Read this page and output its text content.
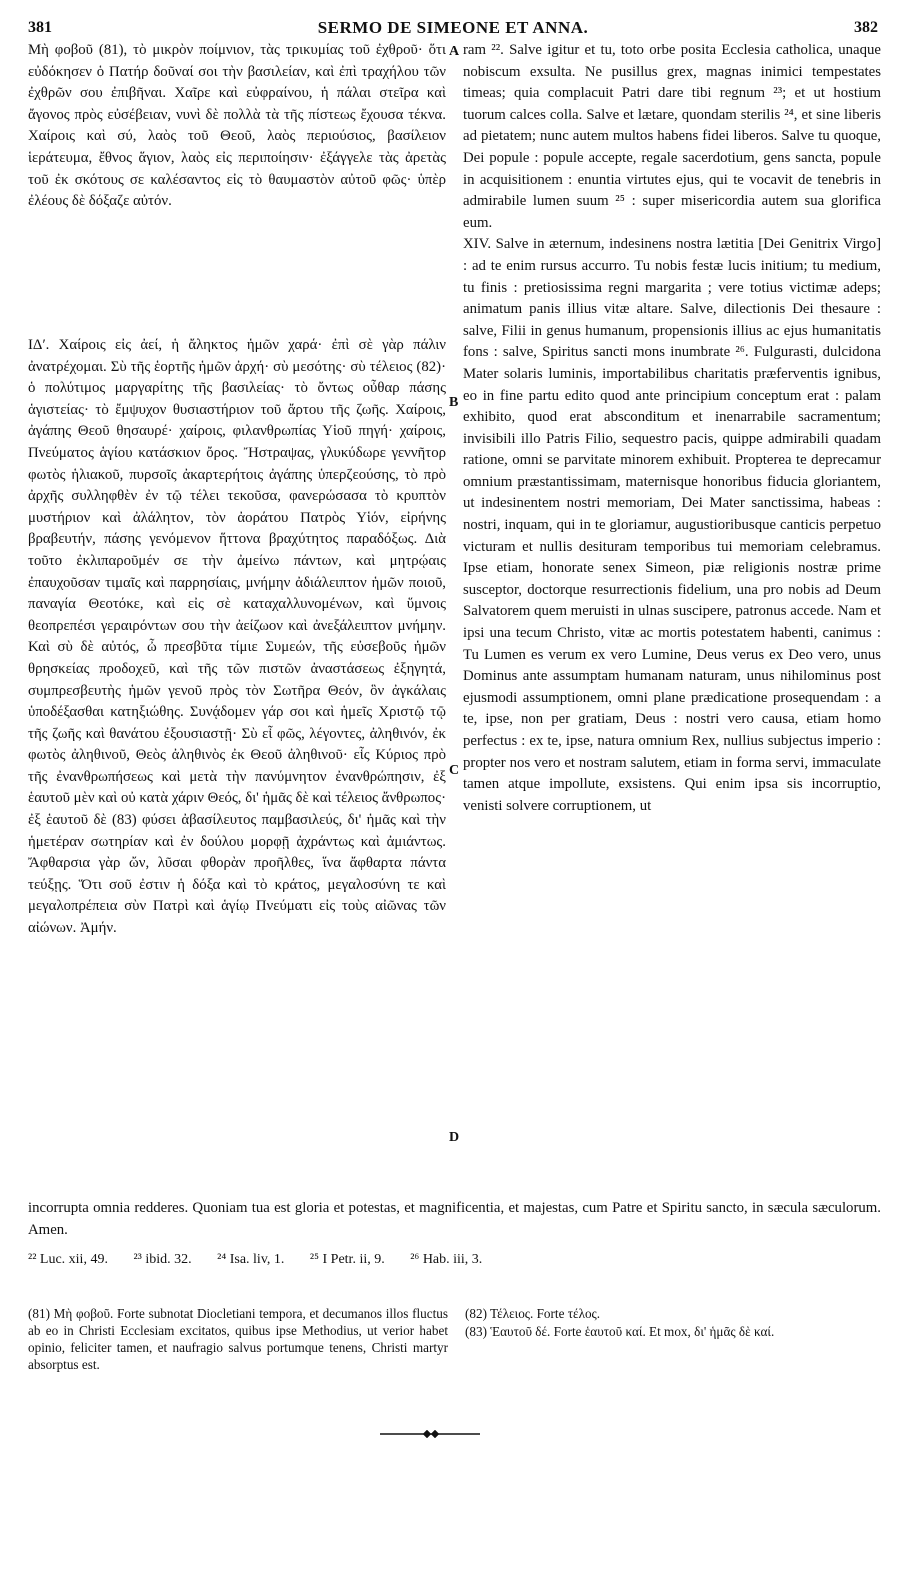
381	SERMO DE SIMEONE ET ANNA.	382

Μὴ φοβοῦ (81), τὸ μικρὸν ποίμνιον, τὰς τρικυμίας τοῦ ἐχθροῦ· ὅτι εὐδόκησεν ὁ Πατήρ δοῦναί σοι τὴν βασιλείαν, καὶ ἐπὶ τραχήλου τῶν ἐχθρῶν σου ἐπιβῆναι. Χαῖρε καὶ εὐφραίνου, ἡ πάλαι στεῖρα καὶ ἄγονος πρὸς εὐσέβειαν, νυνὶ δὲ πολλὰ τὰ τῆς πίστεως ἔχουσα τέκνα. Χαίροις καὶ σύ, λαὸς τοῦ Θεοῦ, λαὸς περιούσιος, βασίλειον ἱεράτευμα, ἔθνος ἅγιον, λαὸς εἰς περιποίησιν· ἐξάγγελε τὰς ἀρετὰς τοῦ ἐκ σκότους σε καλέσαντος εἰς τὸ θαυμαστὸν αὐτοῦ φῶς· ὑπὲρ ἐλέους δὲ δόξαζε αὐτόν.

ΙΔʹ. Χαίροις εἰς ἀεί, ἡ ἄληκτος ἡμῶν χαρά· ἐπὶ σὲ γὰρ πάλιν ἀνατρέχομαι. Σὺ τῆς ἑορτῆς ἡμῶν ἀρχή· σὺ μεσότης· σὺ τέλειος (82)· ὁ πολύτιμος μαργαρίτης τῆς βασιλείας· τὸ ὄντως οὖθαρ πάσης ἁγιστείας· τὸ ἔμψυχον θυσιαστήριον τοῦ ἄρτου τῆς ζωῆς. Χαίροις, ἀγάπης Θεοῦ θησαυρέ· χαίροις, φιλανθρωπίας Υἱοῦ πηγή· χαίροις, Πνεύματος ἁγίου κατάσκιον ὄρος. Ἤστραψας, γλυκύδωρε γεννῆτορ φωτὸς ἡλιακοῦ, πυρσοῖς ἀκαρτερήτοις ἀγάπης ὑπερζεούσης, τὸ πρὸ ἀρχῆς συλληφθὲν ἐν τῷ τέλει τεκοῦσα, φανερώσασα τὸ κρυπτὸν μυστήριον καὶ ἀλάλητον, τὸν ἀοράτου Πατρὸς Υἱόν, εἰρήνης βραβευτήν, πάσης γενόμενον ἥττονα βραχύτητος παραδόξως. Διὰ τοῦτο ἐκλιπαροῦμέν σε τὴν ἀμείνω πάντων, καὶ μητρῴαις ἐπαυχοῦσαν τιμαῖς καὶ παρρησίαις, μνήμην ἀδιάλειπτον ἡμῶν ποιοῦ, παναγία Θεοτόκε, καὶ εἰς σὲ καταχαλλυνομένων, καὶ ὕμνοις θεοπρεπέσι γεραιρόντων σου τὴν ἀείζωον καὶ ἀνεξάλειπτον μνήμην. Καὶ σὺ δὲ αὐτός, ὦ πρεσβῦτα τίμιε Συμεών, τῆς εὐσεβοῦς ἡμῶν θρησκείας προδοχεῦ, καὶ τῆς τῶν πιστῶν ἀναστάσεως ἐξηγητά, συμπρεσβευτὴς ἡμῶν γενοῦ πρὸς τὸν Σωτῆρα Θεόν, ὃν ἀγκάλαις ὑποδέξασθαι κατηξιώθης. Συνᾴδομεν γάρ σοι καὶ ἡμεῖς Χριστῷ τῷ τῆς ζωῆς καὶ θανάτου ἐξουσιαστῇ· Σὺ εἶ φῶς, λέγοντες, ἀληθινόν, ἐκ φωτὸς ἀληθινοῦ, Θεὸς ἀληθινὸς ἐκ Θεοῦ ἀληθινοῦ· εἷς Κύριος πρὸ τῆς ἐνανθρωπήσεως καὶ μετὰ τὴν πανύμνητον ἐνανθρώπησιν, ἐξ ἑαυτοῦ μὲν καὶ οὐ κατὰ χάριν Θεός, δι' ἡμᾶς δὲ καὶ τέλειος ἄνθρωπος· ἐξ ἑαυτοῦ δὲ (83) φύσει ἀβασίλευτος παμβασιλεύς, δι' ἡμᾶς καὶ τὴν ἡμετέραν σωτηρίαν καὶ ἐν δούλου μορφῇ ἀχράντως καὶ ἀμιάντως. Ἄφθαρσια γὰρ ὤν, λῦσαι φθορὰν προῆλθες, ἵνα ἄφθαρτα πάντα τεύξῃς. Ὅτι σοῦ ἐστιν ἡ δόξα καὶ τὸ κράτος, μεγαλοσύνη τε καὶ μεγαλοπρέπεια σὺν Πατρὶ καὶ ἁγίῳ Πνεύματι εἰς τοὺς αἰῶνας τῶν αἰώνων. Ἀμήν.

ram ²². Salve igitur et tu, toto orbe posita Ecclesia catholica, unaque nobiscum exsulta. Ne pusillus grex, magnas inimici tempestates timeas; quia complacuit Patri dare tibi regnum ²³; et ut hostium tuorum calces colla. Salve et lætare, quondam sterilis ²⁴, et sine liberis ad pietatem; nunc autem multos habens fidei liberos. Salve tu quoque, Dei popule : popule accepte, regale sacerdotium, gens sancta, popule in acquisitionem : enuntia virtutes ejus, qui te vocavit de tenebris in admirabile lumen suum ²⁵ : super misericordia autem sua glorifica eum.

XIV. Salve in æternum, indesinens nostra lætitia [Dei Genitrix Virgo] : ad te enim rursus accurro. Tu nobis festæ lucis initium; tu medium, tu finis : pretiosissima regni margarita ; vere totius victimæ adeps; animatum panis illius vitæ altare. Salve, dilectionis Dei thesaure : salve, Filii in genus humanum, propensionis illius ac ejus humanitatis fons : salve, Spiritus sancti mons inumbrate ²⁶. Fulgurasti, dulcidona Mater solaris luminis, importabilibus charitatis præferventis ignibus, eo in fine partu edito quod ante principium conceptum erat : palam exhibito, quod erat absconditum et inenarrabile sacramentum; invisibili illo Patris Filio, sequestro pacis, quippe admirabili quadam ratione, omni se parvitate minorem exhibuit. Propterea te deprecamur omnium præstantissimam, maternisque honoribus fiducia gloriantem, ut indesinentem nostri memoriam, Dei Mater sanctissima, habeas : nostri, inquam, qui in te gloriamur, augustioribusque canticis perpetuo victuram et nullis desituram temporibus tui memoriam celebramus. Ipse etiam, honorate senex Simeon, piæ religionis nostræ prime susceptor, doctorque resurrectionis fidelium, una pro nobis ad Deum Salvatorem quem meruisti in ulnas suscipere, patronus accede. Nam et ipsi una tecum Christo, vitæ ac mortis potestatem habenti, canimus : Tu Lumen es verum ex vero Lumine, Deus verus ex Deo vero, unus Dominus ante assumptam humanam naturam, unus nihilominus post ejusmodi assumptionem, omni plane prædicatione prosequendam : a te, ipse, non per gratiam, Deus : nostri vero causa, etiam homo perfectus : ex te, ipse, natura omnium Rex, nullius subjectus imperio : propter nos vero et nostram salutem, etiam in forma servi, immaculate tamen atque impollute, exsistens. Qui enim ipsa sis incorruptio, venisti solvere corruptionem, ut

A
B
C
D
incorrupta omnia redderes. Quoniam tua est gloria et potestas, et magnificentia, et majestas, cum Patre et Spiritu sancto, in sæcula sæculorum. Amen.
²² Luc. xii, 49. ²³ ibid. 32. ²⁴ Isa. liv, 1. ²⁵ I Petr. ii, 9. ²⁶ Hab. iii, 3.

(81) Μὴ φοβοῦ. Forte subnotat Diocletiani tempora, et decumanos illos fluctus ab eo in Christi Ecclesiam excitatos, quibus ipse Methodius, ut verior habet opinio, feliciter tamen, et naufragio salvus portumque tenens, Christi martyr absorptus est.

(82) Τέλειος. Forte τέλος.

(83) Ἑαυτοῦ δέ. Forte ἑαυτοῦ καί. Et mox, δι' ἡμᾶς δὲ καί.
